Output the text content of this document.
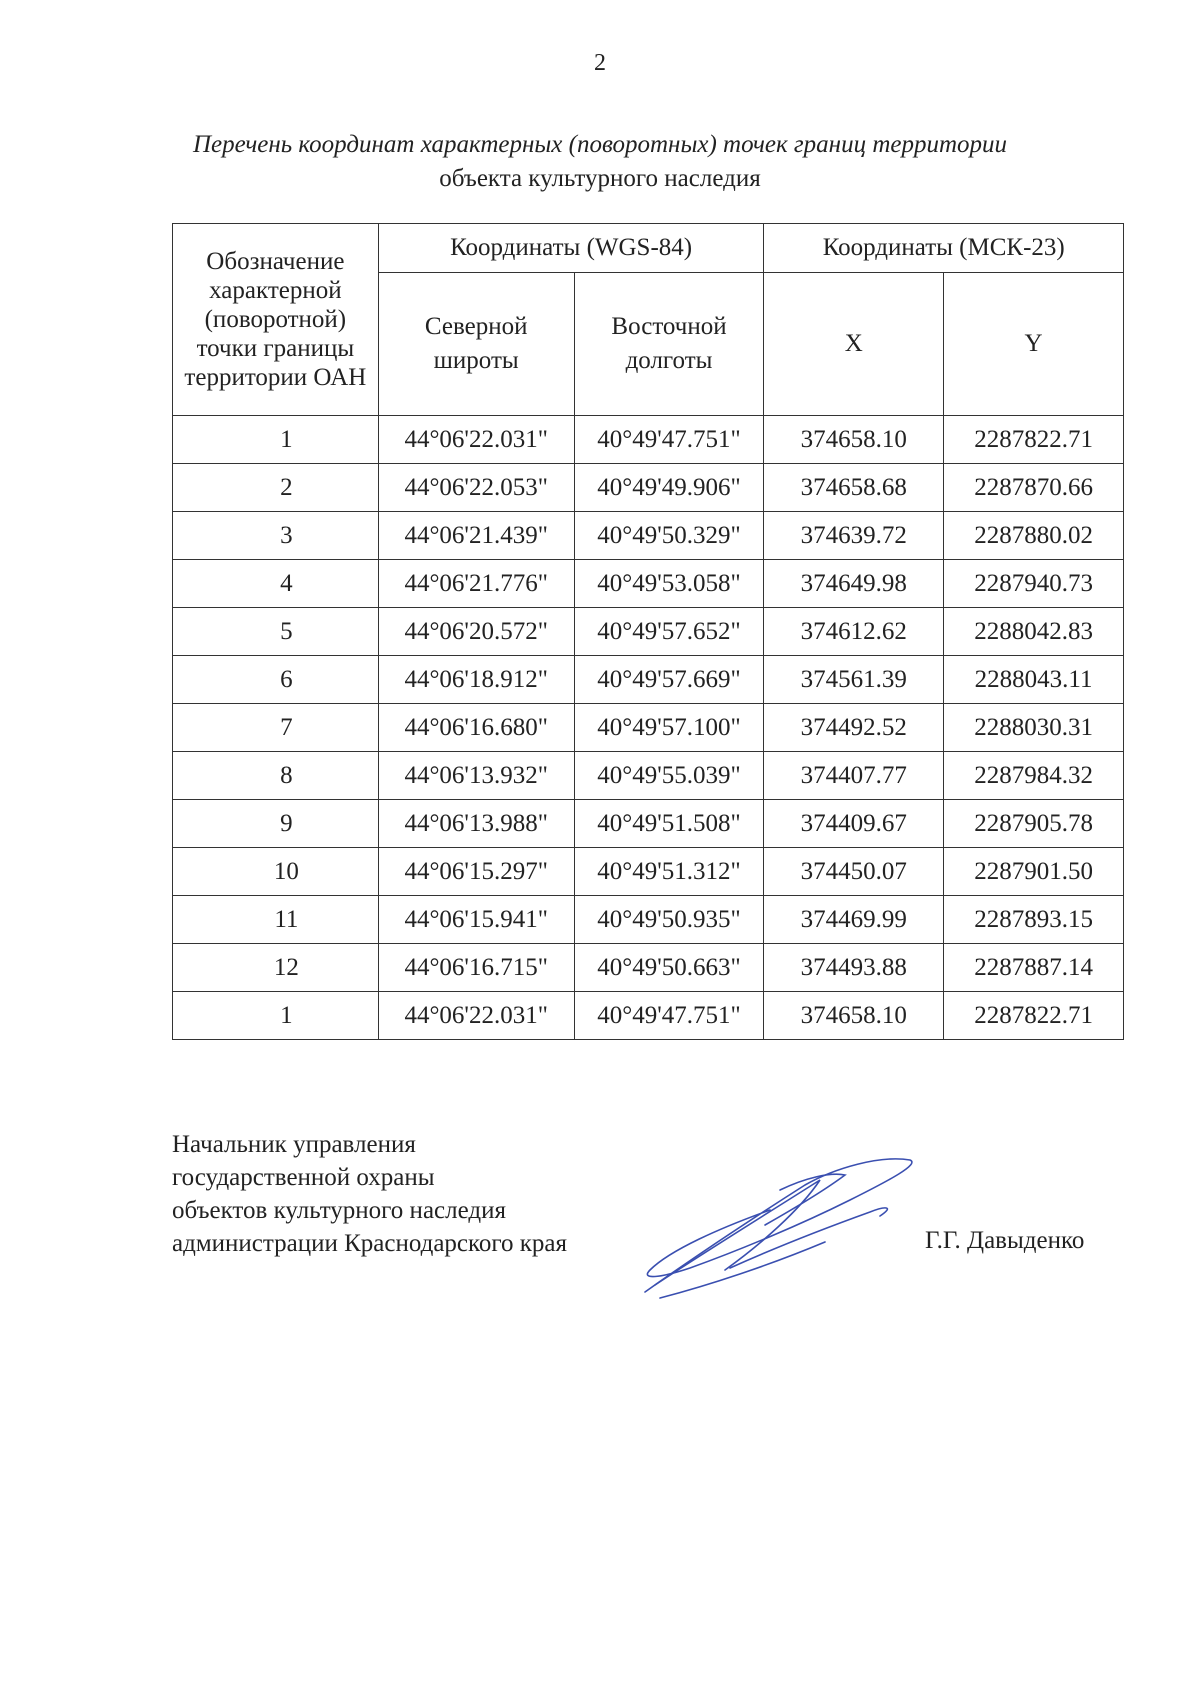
2
Перечень координат характерных (поворотных) точек границ территории
объекта культурного наследия
Обозначение характерной (поворотной) точки границы территории ОАН	Координаты (WGS-84)		Координаты (МСК-23)	
	Северной широты	Восточной долготы	X	Y
1	44°06'22.031"	40°49'47.751"	374658.10	2287822.71
2	44°06'22.053"	40°49'49.906"	374658.68	2287870.66
3	44°06'21.439"	40°49'50.329"	374639.72	2287880.02
4	44°06'21.776"	40°49'53.058"	374649.98	2287940.73
5	44°06'20.572"	40°49'57.652"	374612.62	2288042.83
6	44°06'18.912"	40°49'57.669"	374561.39	2288043.11
7	44°06'16.680"	40°49'57.100"	374492.52	2288030.31
8	44°06'13.932"	40°49'55.039"	374407.77	2287984.32
9	44°06'13.988"	40°49'51.508"	374409.67	2287905.78
10	44°06'15.297"	40°49'51.312"	374450.07	2287901.50
11	44°06'15.941"	40°49'50.935"	374469.99	2287893.15
12	44°06'16.715"	40°49'50.663"	374493.88	2287887.14
1	44°06'22.031"	40°49'47.751"	374658.10	2287822.71
Начальник управления
государственной охраны
объектов культурного наследия
администрации Краснодарского края	Г.Г. Давыденко
